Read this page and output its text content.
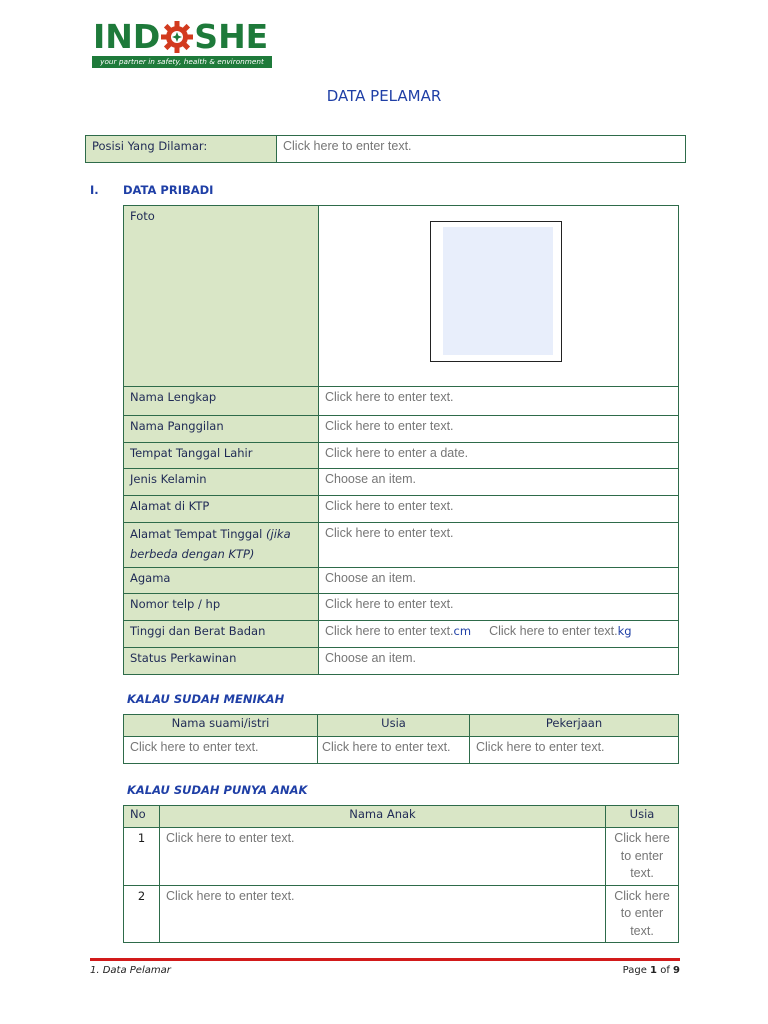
IND SHE
your partner in safety, health & environment
DATA PELAMAR
Posisi Yang Dilamar:	Click here to enter text.
I. DATA PRIBADI
Foto	
Nama Lengkap	Click here to enter text.
Nama Panggilan	Click here to enter text.
Tempat Tanggal Lahir	Click here to enter a date.
Jenis Kelamin	Choose an item.
Alamat di KTP	Click here to enter text.
Alamat Tempat Tinggal (jika
berbeda dengan KTP)	Click here to enter text.
Agama	Choose an item.
Nomor telp / hp	Click here to enter text.
Tinggi dan Berat Badan	Click here to enter text.cm Click here to enter text.kg
Status Perkawinan	Choose an item.
KALAU SUDAH MENIKAH
Nama suami/istri	Usia	Pekerjaan
Click here to enter text.	Click here to enter text.	Click here to enter text.
KALAU SUDAH PUNYA ANAK
No	Nama Anak	Usia
1	Click here to enter text.	Click here to enter text.
2	Click here to enter text.	Click here to enter text.
1. Data Pelamar	Page 1 of 9
